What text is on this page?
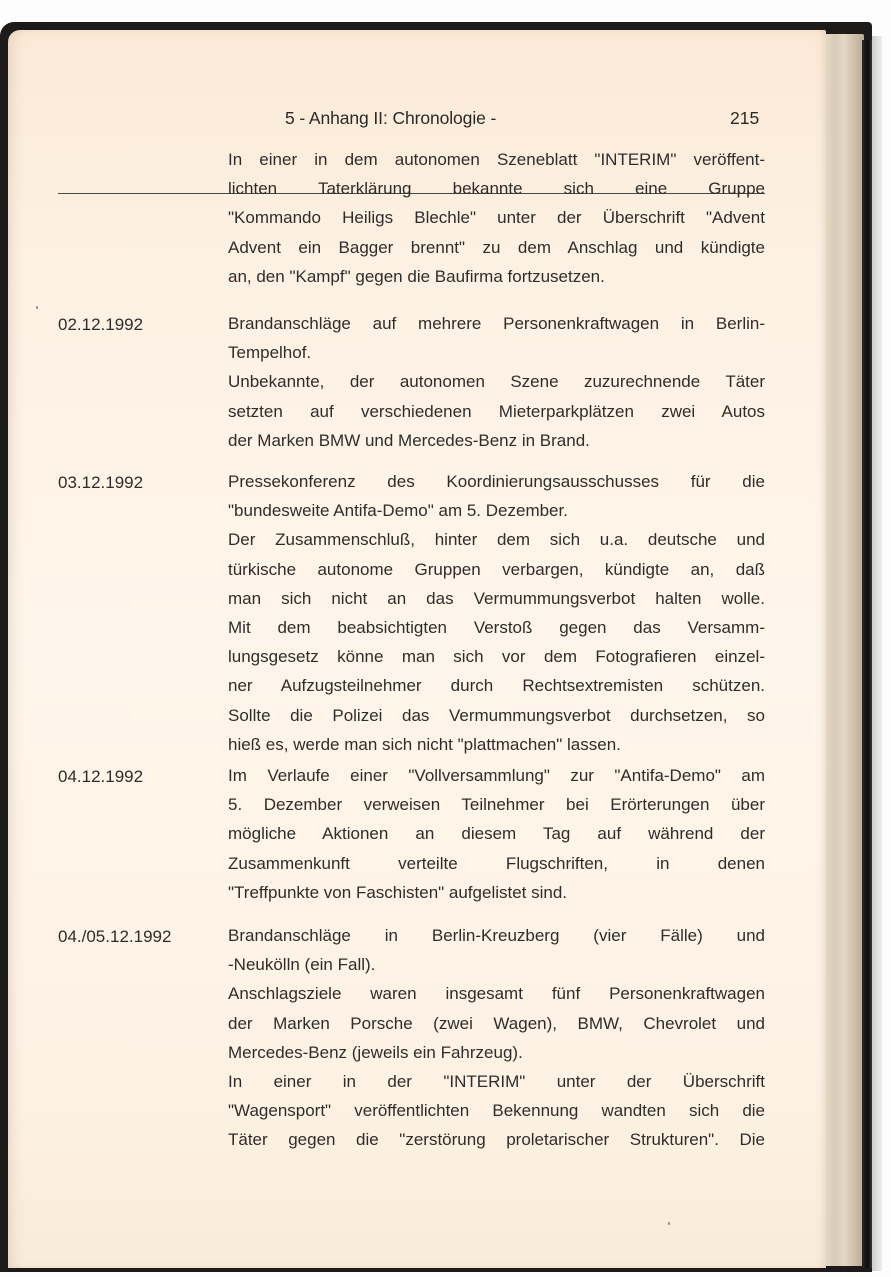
5 - Anhang II: Chronologie -	215

In einer in dem autonomen Szeneblatt "INTERIM" veröffent-
lichten Taterklärung bekannte sich eine Gruppe
"Kommando Heiligs Blechle" unter der Überschrift "Advent
Advent ein Bagger brennt" zu dem Anschlag und kündigte
an, den "Kampf" gegen die Baufirma fortzusetzen.

02.12.1992	Brandanschläge auf mehrere Personenkraftwagen in Berlin-
Tempelhof.

Unbekannte, der autonomen Szene zuzurechnende Täter
setzten auf verschiedenen Mieterparkplätzen zwei Autos
der Marken BMW und Mercedes-Benz in Brand.

03.12.1992	Pressekonferenz des Koordinierungsausschusses für die
"bundesweite Antifa-Demo" am 5. Dezember.

Der Zusammenschluß, hinter dem sich u.a. deutsche und
türkische autonome Gruppen verbargen, kündigte an, daß
man sich nicht an das Vermummungsverbot halten wolle.
Mit dem beabsichtigten Verstoß gegen das Versamm-
lungsgesetz könne man sich vor dem Fotografieren einzel-
ner Aufzugsteilnehmer durch Rechtsextremisten schützen.
Sollte die Polizei das Vermummungsverbot durchsetzen, so
hieß es, werde man sich nicht "plattmachen" lassen.

04.12.1992	Im Verlaufe einer "Vollversammlung" zur "Antifa-Demo" am
5. Dezember verweisen Teilnehmer bei Erörterungen über
mögliche Aktionen an diesem Tag auf während der
Zusammenkunft verteilte Flugschriften, in denen
"Treffpunkte von Faschisten" aufgelistet sind.

04./05.12.1992	Brandanschläge in Berlin-Kreuzberg (vier Fälle) und
-Neukölln (ein Fall).

Anschlagsziele waren insgesamt fünf Personenkraftwagen
der Marken Porsche (zwei Wagen), BMW, Chevrolet und
Mercedes-Benz (jeweils ein Fahrzeug).

In einer in der "INTERIM" unter der Überschrift
"Wagensport" veröffentlichten Bekennung wandten sich die
Täter gegen die "zerstörung proletarischer Strukturen". Die
